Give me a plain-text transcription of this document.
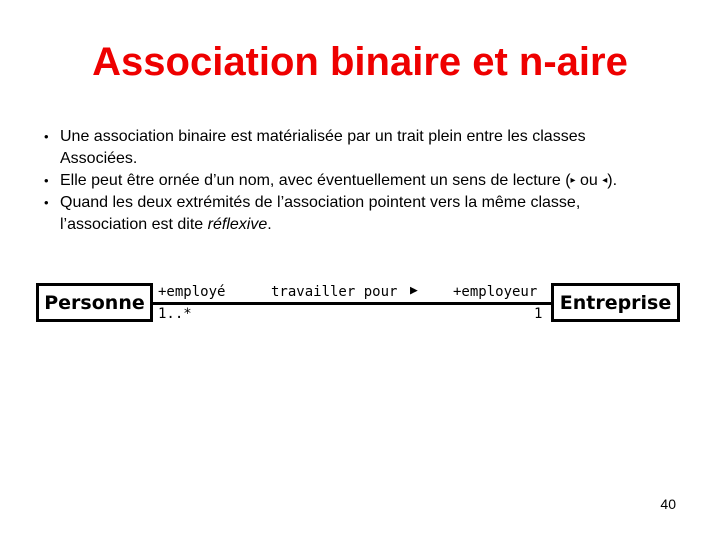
Association binaire et n-aire
• Une association binaire est matérialisée par un trait plein entre les classes
Associées.
• Elle peut être ornée d’un nom, avec éventuellement un sens de lecture (▸ ou ◂).
• Quand les deux extrémités de l’association pointent vers la même classe,
l’association est dite réflexive.
Personne	Entreprise
+employé
1..*
travailler pour ▶	+employeur
1
40
